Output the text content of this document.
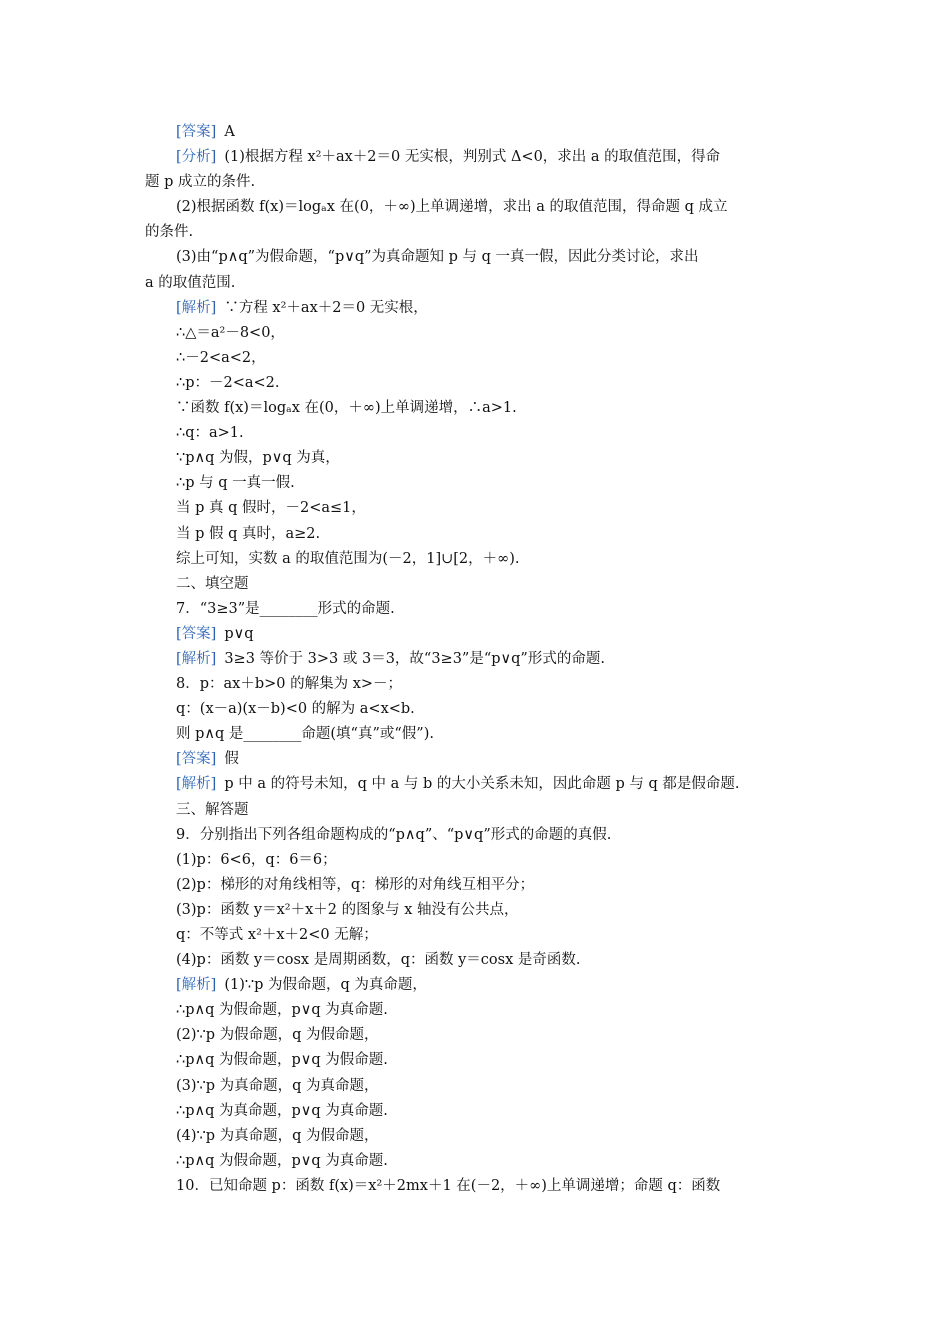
[答案] A
[分析] (1)根据方程 x²＋ax＋2＝0 无实根，判别式 Δ<0，求出 a 的取值范围，得命
题 p 成立的条件.
(2)根据函数 f(x)＝logₐx 在(0，＋∞)上单调递增，求出 a 的取值范围，得命题 q 成立
的条件.
(3)由“p∧q”为假命题，“p∨q”为真命题知 p 与 q 一真一假，因此分类讨论，求出
a 的取值范围.
[解析] ∵方程 x²＋ax＋2＝0 无实根，
∴△＝a²－8<0，
∴－2<a<2，
∴p：－2<a<2.
∵函数 f(x)＝logₐx 在(0，＋∞)上单调递增，∴a>1.
∴q：a>1.
∵p∧q 为假，p∨q 为真，
∴p 与 q 一真一假.
当 p 真 q 假时，－2<a≤1，
当 p 假 q 真时，a≥2.
综上可知，实数 a 的取值范围为(－2，1]∪[2，＋∞).
二、填空题
7．“3≥3”是________形式的命题.
[答案] p∨q
[解析] 3≥3 等价于 3>3 或 3＝3，故“3≥3”是“p∨q”形式的命题.
8．p：ax＋b>0 的解集为 x>－；
q：(x－a)(x－b)<0 的解为 a<x<b.
则 p∧q 是________命题(填“真”或“假”).
[答案] 假
[解析] p 中 a 的符号未知，q 中 a 与 b 的大小关系未知，因此命题 p 与 q 都是假命题.
三、解答题
9．分别指出下列各组命题构成的“p∧q”、“p∨q”形式的命题的真假.
(1)p：6<6，q：6＝6；
(2)p：梯形的对角线相等，q：梯形的对角线互相平分；
(3)p：函数 y＝x²＋x＋2 的图象与 x 轴没有公共点，
q：不等式 x²＋x＋2<0 无解；
(4)p：函数 y＝cosx 是周期函数，q：函数 y＝cosx 是奇函数.
[解析] (1)∵p 为假命题，q 为真命题，
∴p∧q 为假命题，p∨q 为真命题.
(2)∵p 为假命题，q 为假命题，
∴p∧q 为假命题，p∨q 为假命题.
(3)∵p 为真命题，q 为真命题，
∴p∧q 为真命题，p∨q 为真命题.
(4)∵p 为真命题，q 为假命题，
∴p∧q 为假命题，p∨q 为真命题.
10．已知命题 p：函数 f(x)＝x²＋2mx＋1 在(－2，＋∞)上单调递增；命题 q：函数
